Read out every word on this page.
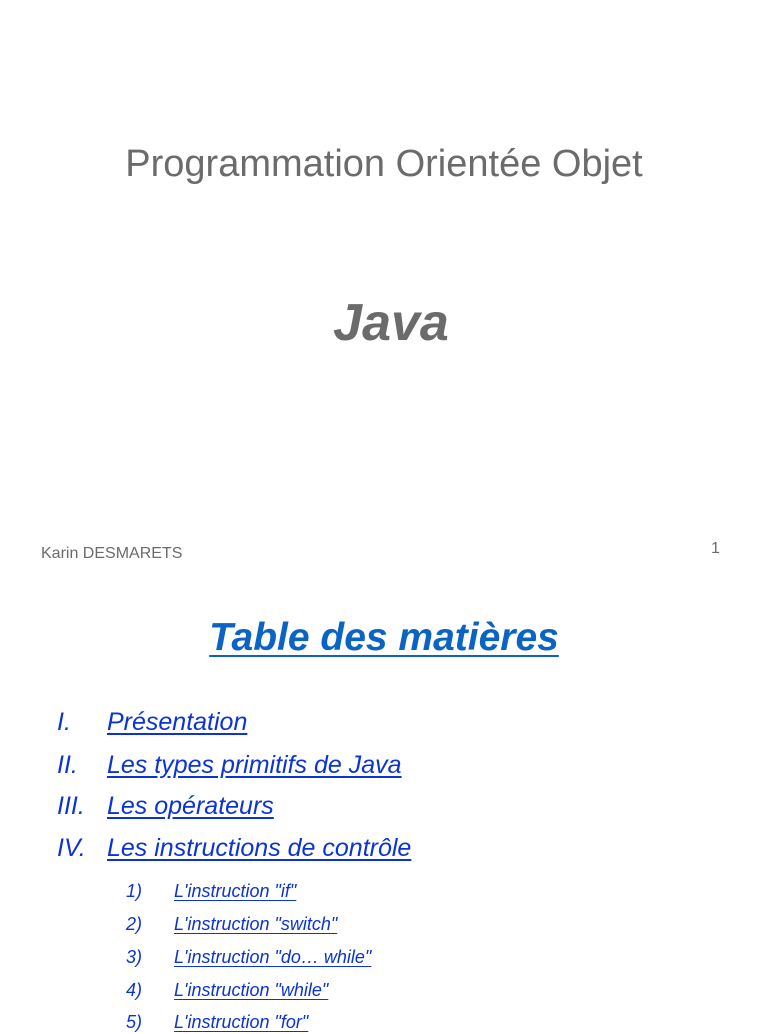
Programmation Orientée Objet
Java
Karin DESMARETS	1
Table des matières
I. Présentation
II. Les types primitifs de Java
III. Les opérateurs
IV. Les instructions de contrôle
1) L'instruction "if"
2) L'instruction "switch"
3) L'instruction "do… while"
4) L'instruction "while"
5) L'instruction "for"
